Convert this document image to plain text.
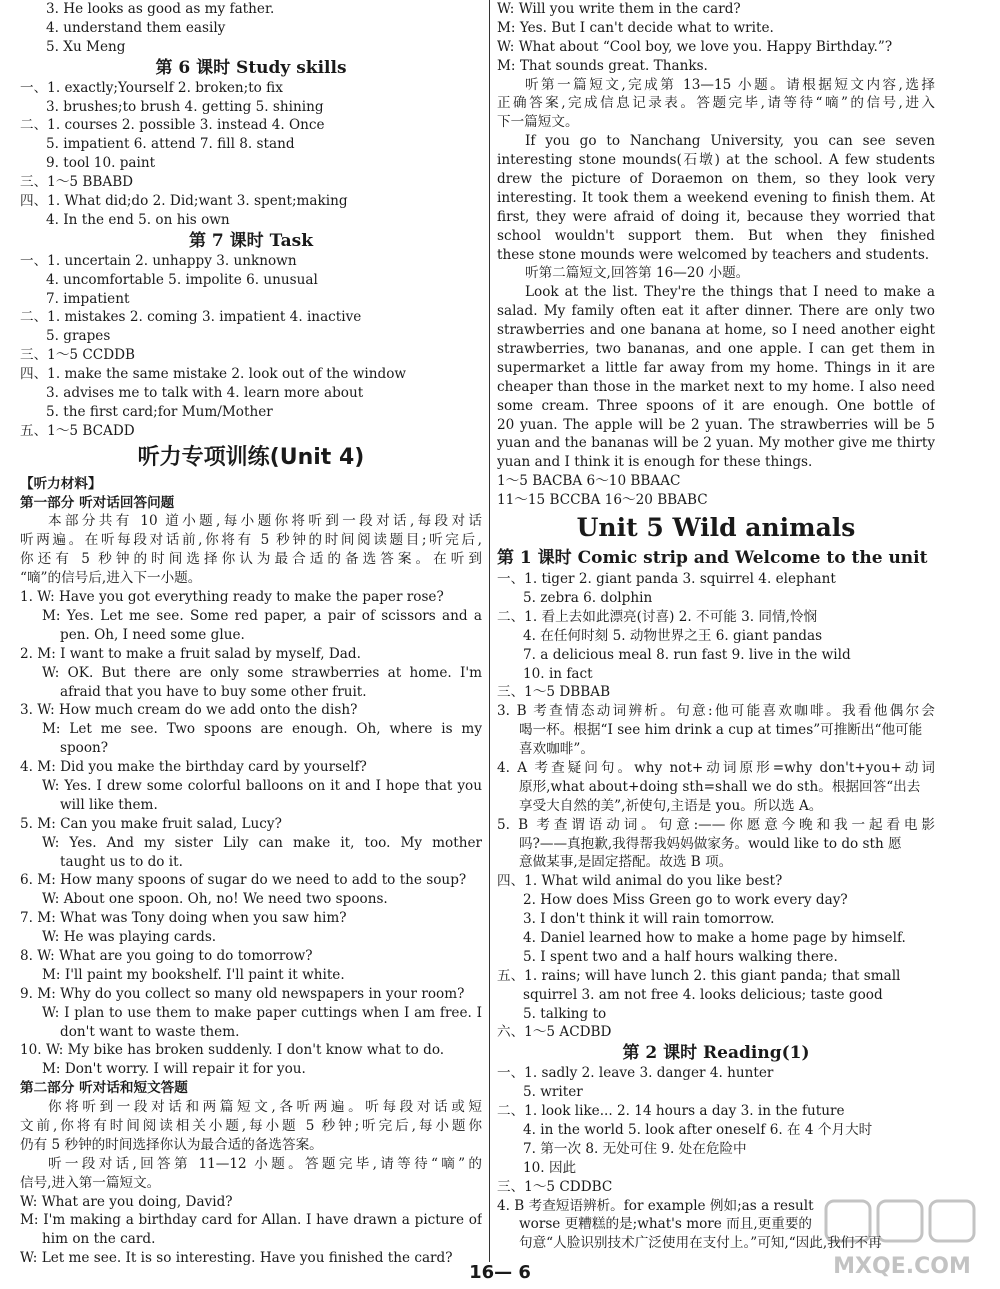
3. He looks as good as my father.
4. understand them easily
5. Xu Meng
第 6 课时 Study skills
一、1. exactly;Yourself 2. broken;to fix
3. brushes;to brush 4. getting 5. shining
二、1. courses 2. possible 3. instead 4. Once
5. impatient 6. attend 7. fill 8. stand
9. tool 10. paint
三、1～5 BBABD
四、1. What did;do 2. Did;want 3. spent;making
4. In the end 5. on his own
第 7 课时 Task
一、1. uncertain 2. unhappy 3. unknown
4. uncomfortable 5. impolite 6. unusual
7. impatient
二、1. mistakes 2. coming 3. impatient 4. inactive
5. grapes
三、1～5 CCDDB
四、1. make the same mistake 2. look out of the window
3. advises me to talk with 4. learn more about
5. the first card;for Mum/Mother
五、1～5 BCADD
听力专项训练(Unit 4)
【听力材料】
第一部分 听对话回答问题
本部分共有 10 道小题,每小题你将听到一段对话,每段对话
听两遍。在听每段对话前,你将有 5 秒钟的时间阅读题目;听完后,
你还有 5 秒钟的时间选择你认为最合适的备选答案。在听到
“嘀”的信号后,进入下一小题。
1. W: Have you got everything ready to make the paper rose?
M: Yes. Let me see. Some red paper, a pair of scissors and a
pen. Oh, I need some glue.
2. M: I want to make a fruit salad by myself, Dad.
W: OK. But there are only some strawberries at home. I'm
afraid that you have to buy some other fruit.
3. W: How much cream do we add onto the dish?
M: Let me see. Two spoons are enough. Oh, where is my
spoon?
4. M: Did you make the birthday card by yourself?
W: Yes. I drew some colorful balloons on it and I hope that you
will like them.
5. M: Can you make fruit salad, Lucy?
W: Yes. And my sister Lily can make it, too. My mother
taught us to do it.
6. M: How many spoons of sugar do we need to add to the soup?
W: About one spoon. Oh, no! We need two spoons.
7. M: What was Tony doing when you saw him?
W: He was playing cards.
8. W: What are you going to do tomorrow?
M: I'll paint my bookshelf. I'll paint it white.
9. M: Why do you collect so many old newspapers in your room?
W: I plan to use them to make paper cuttings when I am free. I
don't want to waste them.
10. W: My bike has broken suddenly. I don't know what to do.
M: Don't worry. I will repair it for you.
第二部分 听对话和短文答题
你将听到一段对话和两篇短文,各听两遍。听每段对话或短
文前,你将有时间阅读相关小题,每小题 5 秒钟;听完后,每小题你
仍有 5 秒钟的时间选择你认为最合适的备选答案。
听一段对话,回答第 11—12 小题。答题完毕,请等待“嘀”的
信号,进入第一篇短文。
W: What are you doing, David?
M: I'm making a birthday card for Allan. I have drawn a picture of
him on the card.
W: Let me see. It is so interesting. Have you finished the card?
W: Will you write them in the card?
M: Yes. But I can't decide what to write.
W: What about “Cool boy, we love you. Happy Birthday.”?
M: That sounds great. Thanks.
听第一篇短文,完成第 13—15 小题。请根据短文内容,选择
正确答案,完成信息记录表。答题完毕,请等待“嘀”的信号,进入
下一篇短文。
If you go to Nanchang University, you can see seven
interesting stone mounds(石墩) at the school. A few students
drew the picture of Doraemon on them, so they look very
interesting. It took them a weekend evening to finish them. At
first, they were afraid of doing it, because they worried that
school wouldn't support them. But when they finished
these stone mounds were welcomed by teachers and students.
听第二篇短文,回答第 16—20 小题。
Look at the list. They're the things that I need to make a
salad. My family often eat it after dinner. There are only two
strawberries and one banana at home, so I need another eight
strawberries, two bananas, and one apple. I can get them in
supermarket a little far away from my home. Things in it are
cheaper than those in the market next to my home. I also need
some cream. Three spoons of it are enough. One bottle of
20 yuan. The apple will be 2 yuan. The strawberries will be 5
yuan and the bananas will be 2 yuan. My mother give me thirty
yuan and I think it is enough for these things.
1～5 BACBA 6～10 BBAAC
11～15 BCCBA 16～20 BBABC
Unit 5 Wild animals
第 1 课时 Comic strip and Welcome to the unit
一、1. tiger 2. giant panda 3. squirrel 4. elephant
5. zebra 6. dolphin
二、1. 看上去如此漂亮(讨喜) 2. 不可能 3. 同情,怜悯
4. 在任何时刻 5. 动物世界之王 6. giant pandas
7. a delicious meal 8. run fast 9. live in the wild
10. in fact
三、1～5 DBBAB
3. B 考查情态动词辨析。句意:他可能喜欢咖啡。我看他偶尔会
喝一杯。根据“I see him drink a cup at times”可推断出“他可能
喜欢咖啡”。
4. A 考查疑问句。why not+动词原形=why don't+you+动词
原形,what about+doing sth=shall we do sth。根据回答“出去
享受大自然的美”,祈使句,主语是 you。所以选 A。
5. B 考查谓语动词。句意:——你愿意今晚和我一起看电影
吗?——真抱歉,我得帮我妈妈做家务。would like to do sth 愿
意做某事,是固定搭配。故选 B 项。
四、1. What wild animal do you like best?
2. How does Miss Green go to work every day?
3. I don't think it will rain tomorrow.
4. Daniel learned how to make a home page by himself.
5. I spent two and a half hours walking there.
五、1. rains; will have lunch 2. this giant panda; that small
squirrel 3. am not free 4. looks delicious; taste good
5. talking to
六、1～5 ACDBD
第 2 课时 Reading(1)
一、1. sadly 2. leave 3. danger 4. hunter
5. writer
二、1. look like... 2. 14 hours a day 3. in the future
4. in the world 5. look after oneself 6. 在 4 个月大时
7. 第一次 8. 无处可住 9. 处在危险中
10. 因此
三、1～5 CDDBC
4. B 考查短语辨析。for example 例如;as a result
worse 更糟糕的是;what's more 而且,更重要的
句意“人脸识别技术广泛使用在支付上。”可知,“因此,我们不再
16— 6	MXQE.COM
